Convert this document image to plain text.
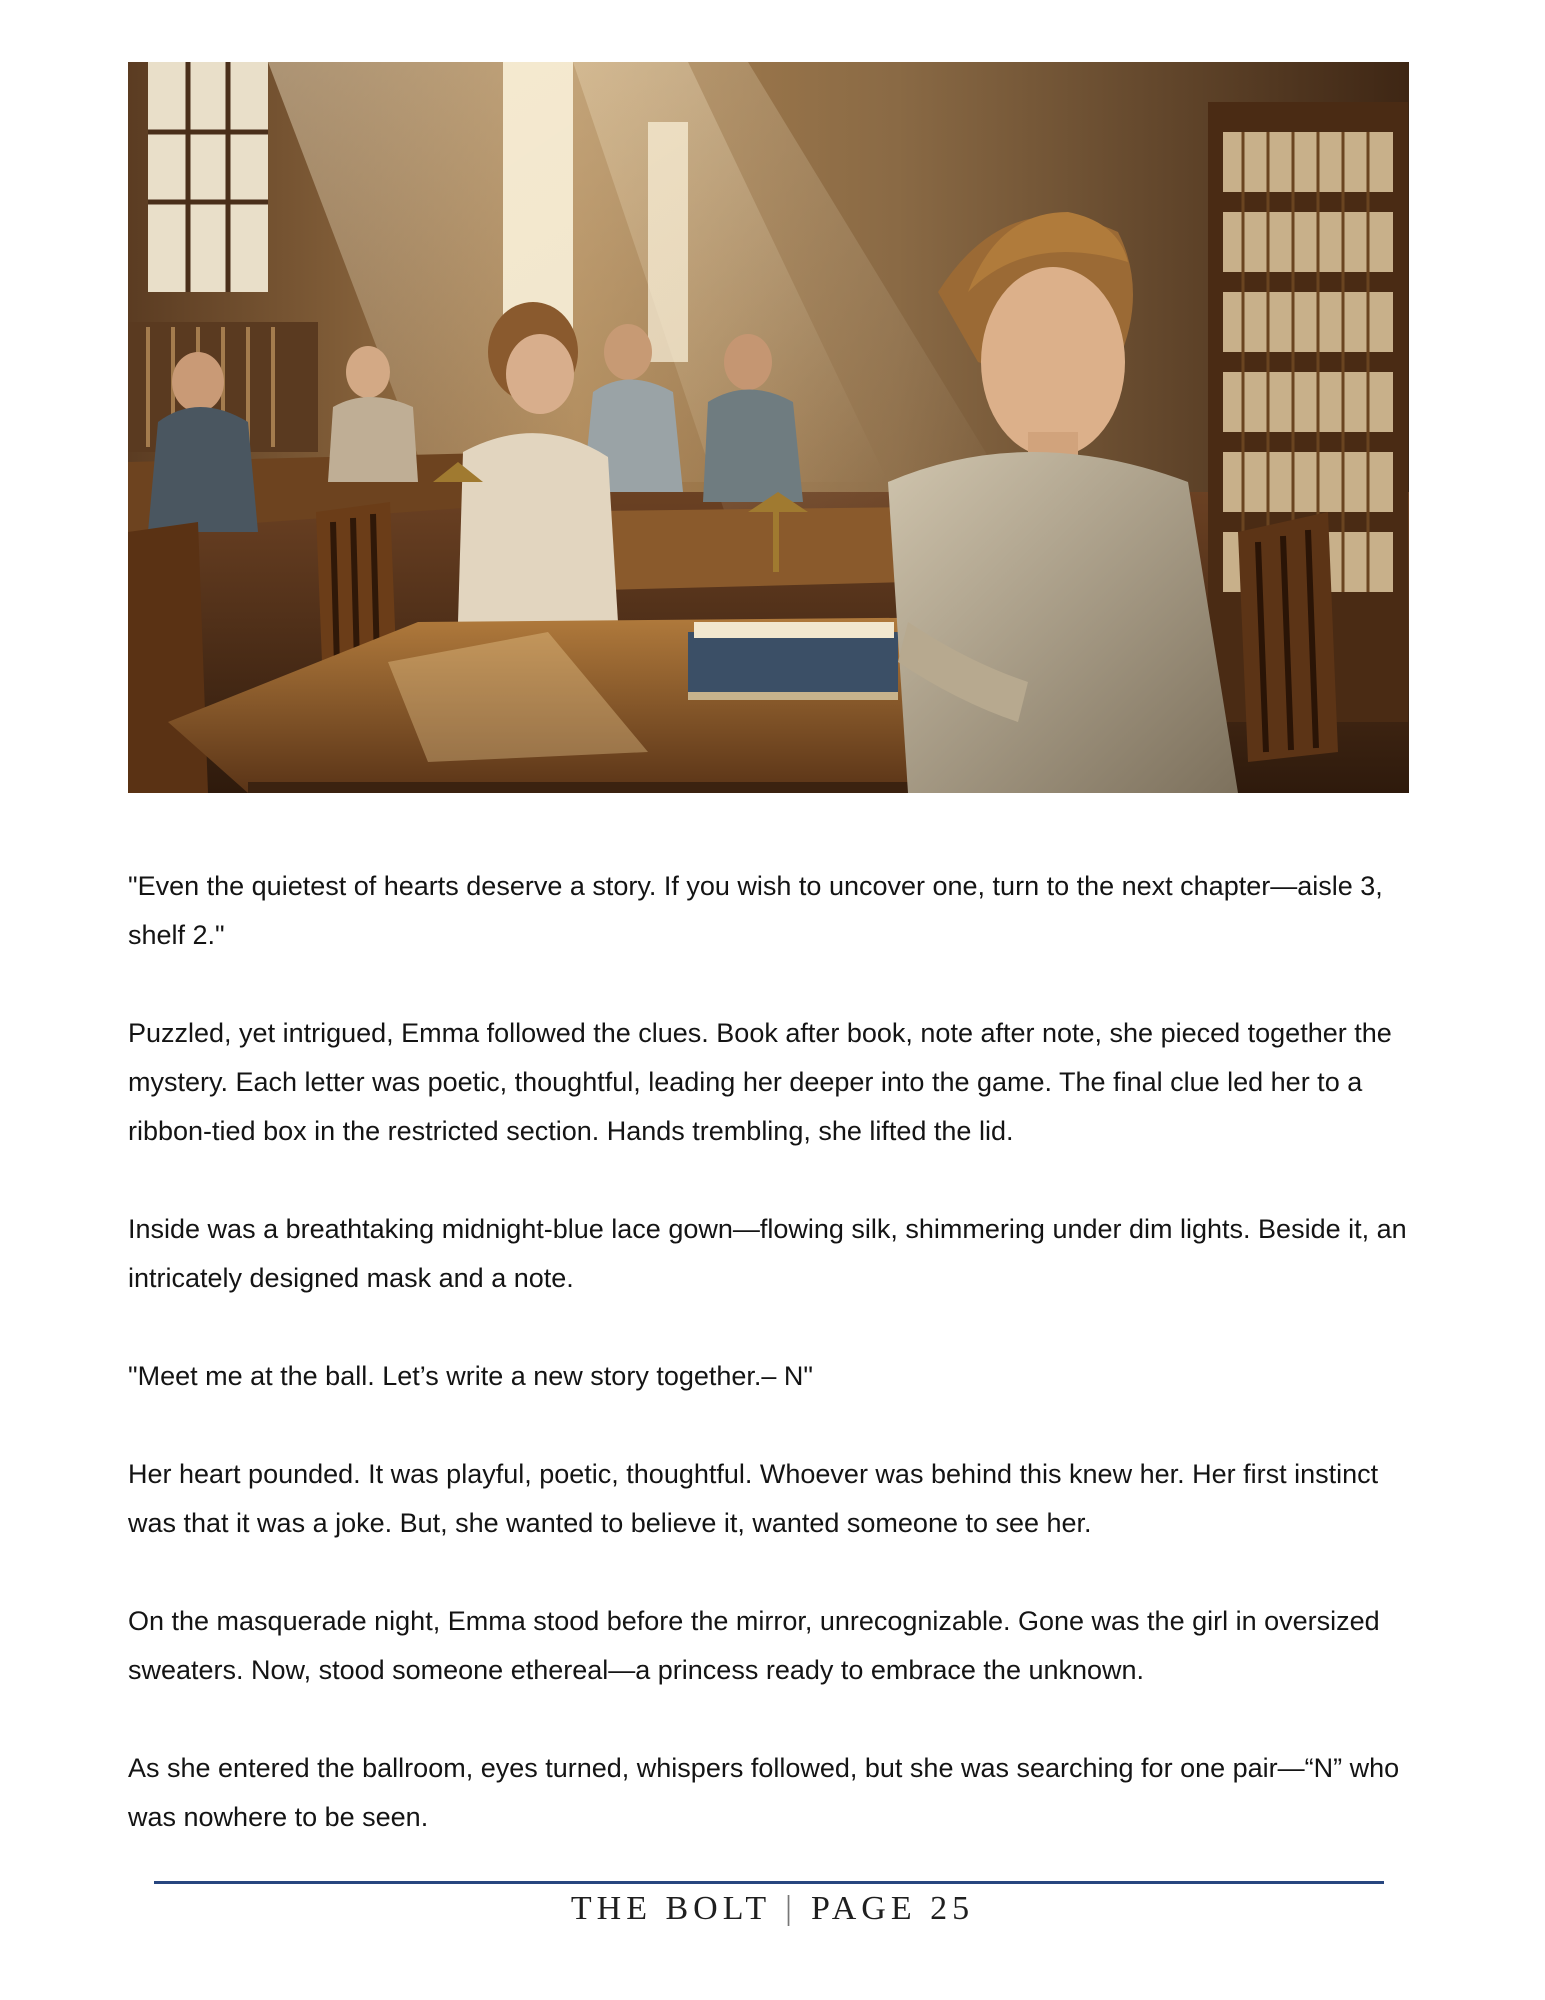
"Even the quietest of hearts deserve a story. If you wish to uncover one, turn to the next chapter—aisle 3, shelf 2."

Puzzled, yet intrigued, Emma followed the clues. Book after book, note after note, she pieced together the mystery. Each letter was poetic, thoughtful, leading her deeper into the game. The final clue led her to a ribbon-tied box in the restricted section. Hands trembling, she lifted the lid.

Inside was a breathtaking midnight-blue lace gown—flowing silk, shimmering under dim lights. Beside it, an intricately designed mask and a note.

"Meet me at the ball. Let’s write a new story together.– N"

Her heart pounded. It was playful, poetic, thoughtful. Whoever was behind this knew her. Her first instinct was that it was a joke. But, she wanted to believe it, wanted someone to see her.

On the masquerade night, Emma stood before the mirror, unrecognizable. Gone was the girl in oversized sweaters. Now, stood someone ethereal—a princess ready to embrace the unknown.

As she entered the ballroom, eyes turned, whispers followed, but she was searching for one pair—“N” who was nowhere to be seen.

THE BOLT | PAGE 25
